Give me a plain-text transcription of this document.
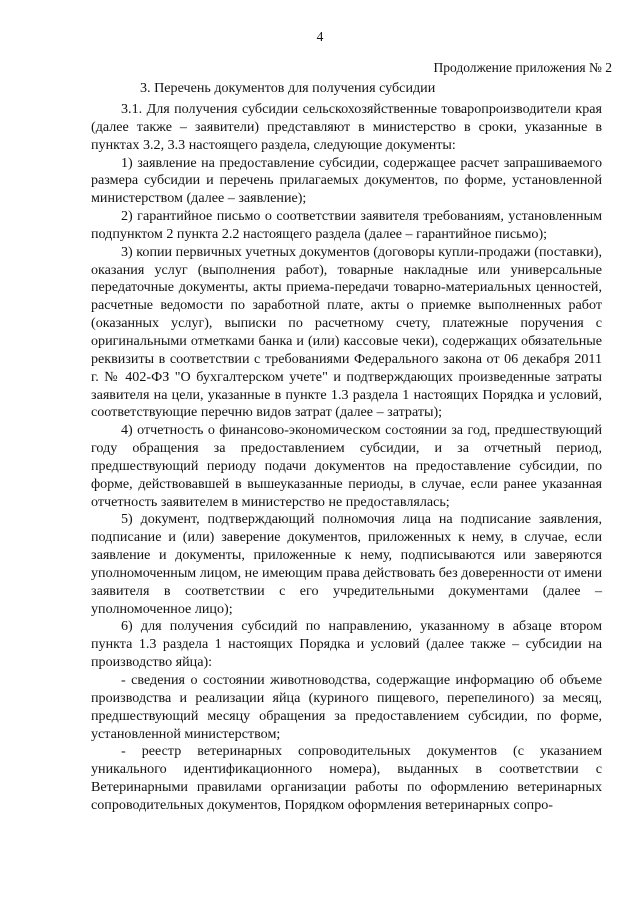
4
Продолжение приложения № 2
3. Перечень документов для получения субсидии

3.1. Для получения субсидии сельскохозяйственные товаропроизводители края (далее также – заявители) представляют в министерство в сроки, указанные в пунктах 3.2, 3.3 настоящего раздела, следующие документы:

1) заявление на предоставление субсидии, содержащее расчет запрашиваемого размера субсидии и перечень прилагаемых документов, по форме, установленной министерством (далее – заявление);

2) гарантийное письмо о соответствии заявителя требованиям, установленным подпунктом 2 пункта 2.2 настоящего раздела (далее – гарантийное письмо);

3) копии первичных учетных документов (договоры купли-продажи (поставки), оказания услуг (выполнения работ), товарные накладные или универсальные передаточные документы, акты приема-передачи товарно-материальных ценностей, расчетные ведомости по заработной плате, акты о приемке выполненных работ (оказанных услуг), выписки по расчетному счету, платежные поручения с оригинальными отметками банка и (или) кассовые чеки), содержащих обязательные реквизиты в соответствии с требованиями Федерального закона от 06 декабря 2011 г. № 402-ФЗ "О бухгалтерском учете" и подтверждающих произведенные затраты заявителя на цели, указанные в пункте 1.3 раздела 1 настоящих Порядка и условий, соответствующие перечню видов затрат (далее – затраты);

4) отчетность о финансово-экономическом состоянии за год, предшествующий году обращения за предоставлением субсидии, и за отчетный период, предшествующий периоду подачи документов на предоставление субсидии, по форме, действовавшей в вышеуказанные периоды, в случае, если ранее указанная отчетность заявителем в министерство не предоставлялась;

5) документ, подтверждающий полномочия лица на подписание заявления, подписание и (или) заверение документов, приложенных к нему, в случае, если заявление и документы, приложенные к нему, подписываются или заверяются уполномоченным лицом, не имеющим права действовать без доверенности от имени заявителя в соответствии с его учредительными документами (далее – уполномоченное лицо);

6) для получения субсидий по направлению, указанному в абзаце втором пункта 1.3 раздела 1 настоящих Порядка и условий (далее также – субсидии на производство яйца):

- сведения о состоянии животноводства, содержащие информацию об объеме производства и реализации яйца (куриного пищевого, перепелиного) за месяц, предшествующий месяцу обращения за предоставлением субсидии, по форме, установленной министерством;

- реестр ветеринарных сопроводительных документов (с указанием уникального идентификационного номера), выданных в соответствии с Ветеринарными правилами организации работы по оформлению ветеринарных сопроводительных документов, Порядком оформления ветеринарных сопро-
